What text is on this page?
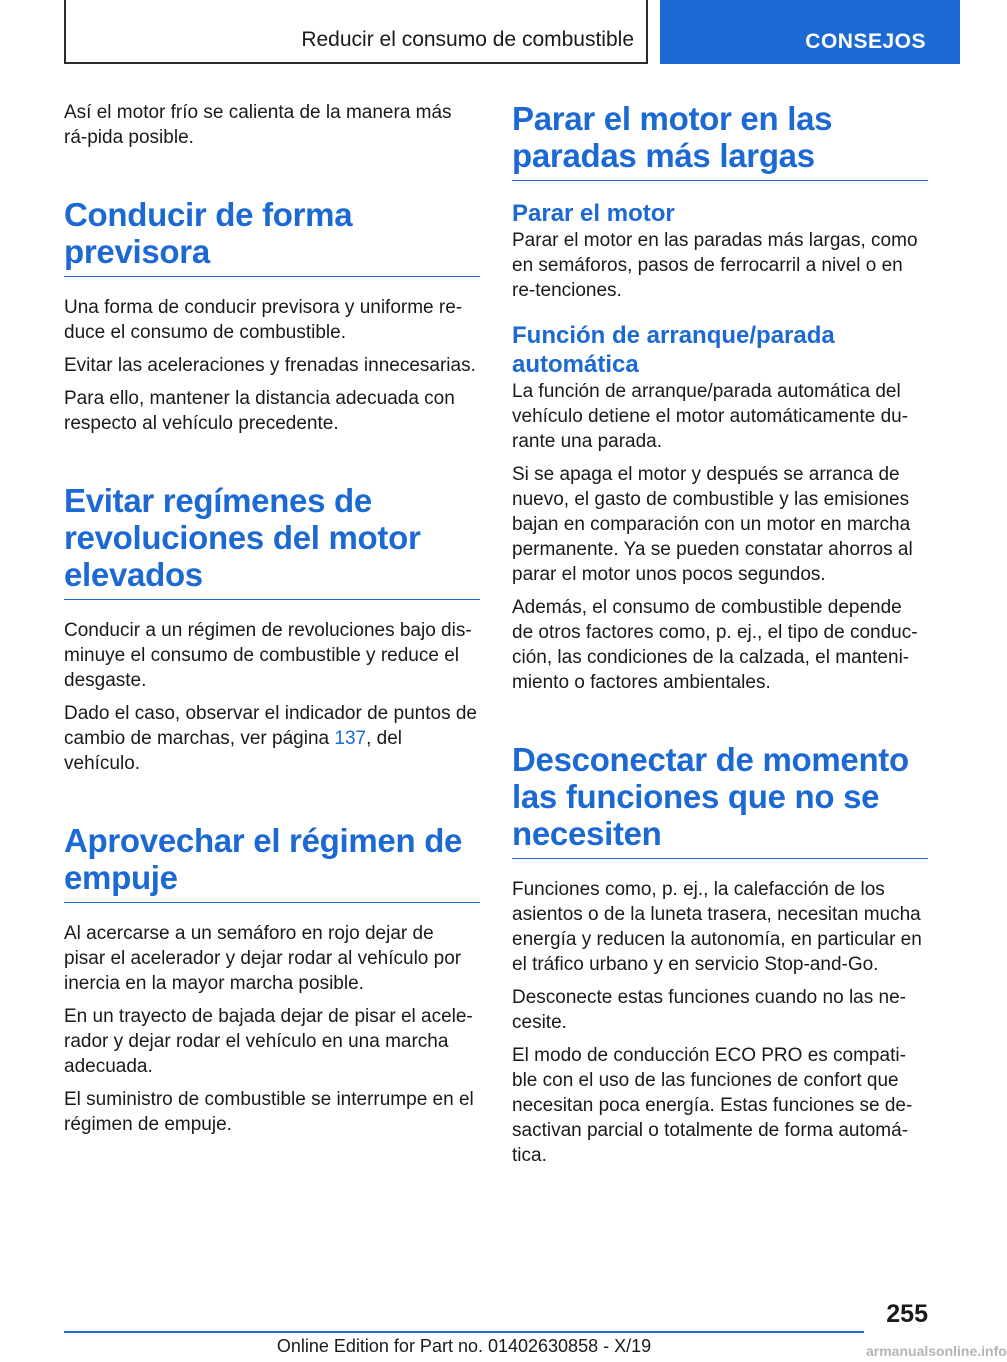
Reducir el consumo de combustible	CONSEJOS

Así el motor frío se calienta de la manera más rá-pida posible.

Conducir de forma previsora

Una forma de conducir previsora y uniforme re-duce el consumo de combustible.

Evitar las aceleraciones y frenadas innecesarias.

Para ello, mantener la distancia adecuada con respecto al vehículo precedente.

Evitar regímenes de revoluciones del motor elevados

Conducir a un régimen de revoluciones bajo dis-minuye el consumo de combustible y reduce el desgaste.

Dado el caso, observar el indicador de puntos de cambio de marchas, ver página 137, del vehículo.

Aprovechar el régimen de empuje

Al acercarse a un semáforo en rojo dejar de pisar el acelerador y dejar rodar al vehículo por inercia en la mayor marcha posible.

En un trayecto de bajada dejar de pisar el acele-rador y dejar rodar el vehículo en una marcha adecuada.

El suministro de combustible se interrumpe en el régimen de empuje.

Parar el motor en las paradas más largas
Parar el motor

Parar el motor en las paradas más largas, como en semáforos, pasos de ferrocarril a nivel o en re-tenciones.

Función de arranque/parada automática

La función de arranque/parada automática del vehículo detiene el motor automáticamente du-rante una parada.

Si se apaga el motor y después se arranca de nuevo, el gasto de combustible y las emisiones bajan en comparación con un motor en marcha permanente. Ya se pueden constatar ahorros al parar el motor unos pocos segundos.

Además, el consumo de combustible depende de otros factores como, p. ej., el tipo de conduc-ción, las condiciones de la calzada, el manteni-miento o factores ambientales.

Desconectar de momento las funciones que no se necesiten

Funciones como, p. ej., la calefacción de los asientos o de la luneta trasera, necesitan mucha energía y reducen la autonomía, en particular en el tráfico urbano y en servicio Stop-and-Go.

Desconecte estas funciones cuando no las ne-cesite.

El modo de conducción ECO PRO es compati-ble con el uso de las funciones de confort que necesitan poca energía. Estas funciones se de-sactivan parcial o totalmente de forma automá-tica.

255
Online Edition for Part no. 01402630858 - X/19	armanualsonline.info
